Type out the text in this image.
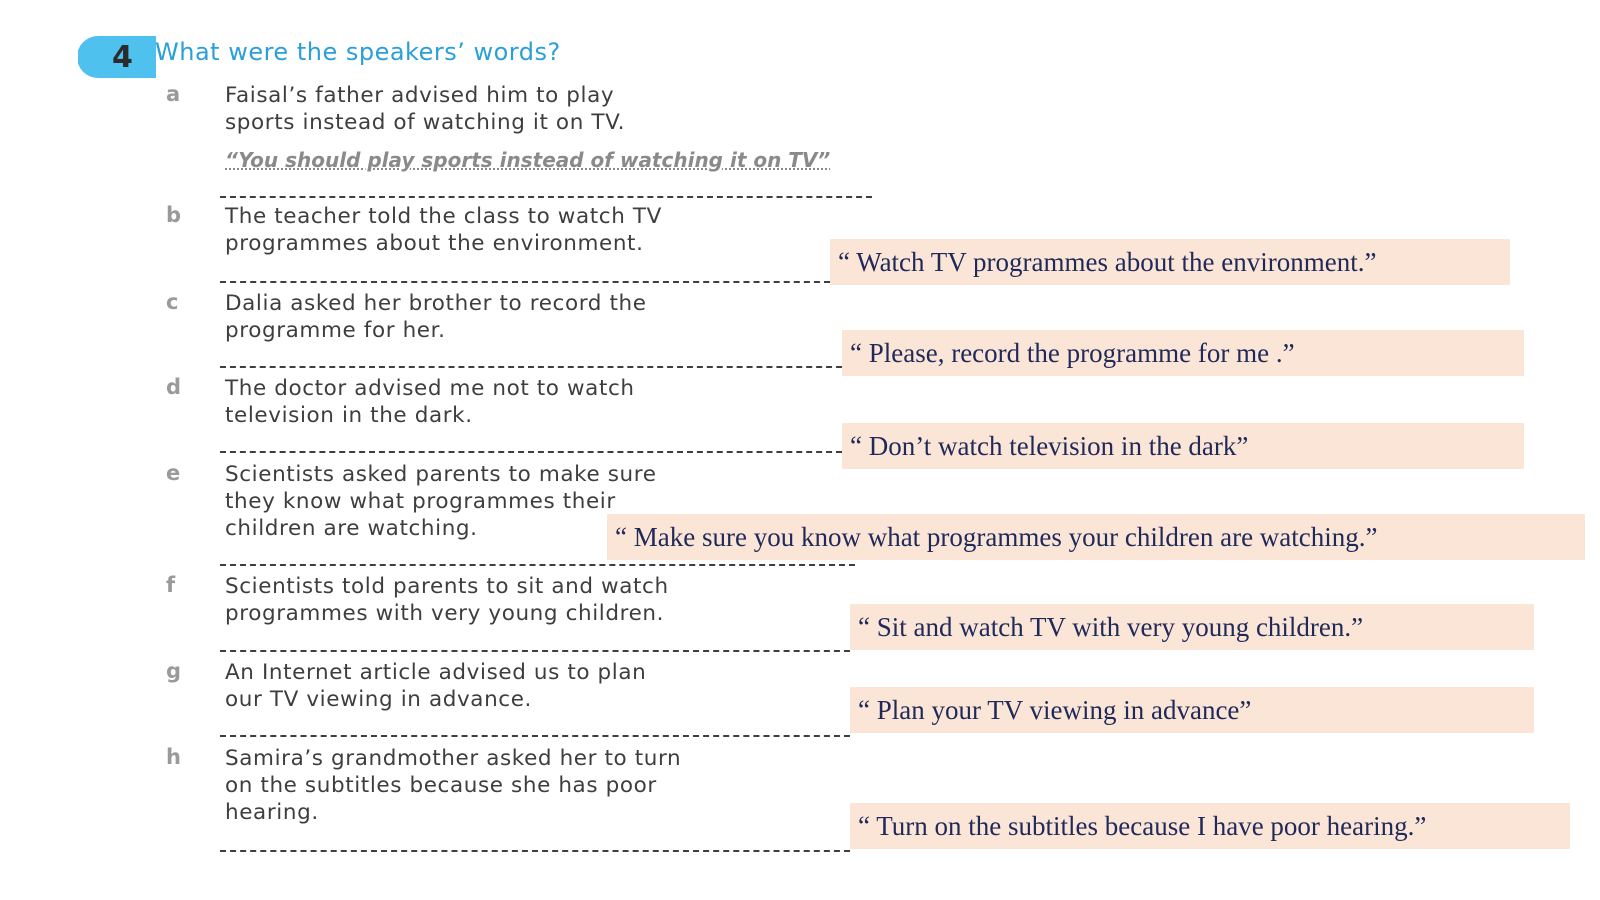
4 What were the speakers’ words?
a Faisal’s father advised him to play
sports instead of watching it on TV.
“You should play sports instead of watching it on TV”
b The teacher told the class to watch TV
programmes about the environment.
“ Watch TV programmes about the environment.”
c Dalia asked her brother to record the
programme for her.
“ Please, record the programme for me .”
d The doctor advised me not to watch
television in the dark.
“ Don’t watch television in the dark”
e Scientists asked parents to make sure
they know what programmes their
children are watching.	“ Make sure you know what programmes your children are watching.”
f Scientists told parents to sit and watch
programmes with very young children.	“ Sit and watch TV with very young children.”
g An Internet article advised us to plan
our TV viewing in advance.	“ Plan your TV viewing in advance”
h Samira’s grandmother asked her to turn
on the subtitles because she has poor
hearing.	“ Turn on the subtitles because I have poor hearing.”
